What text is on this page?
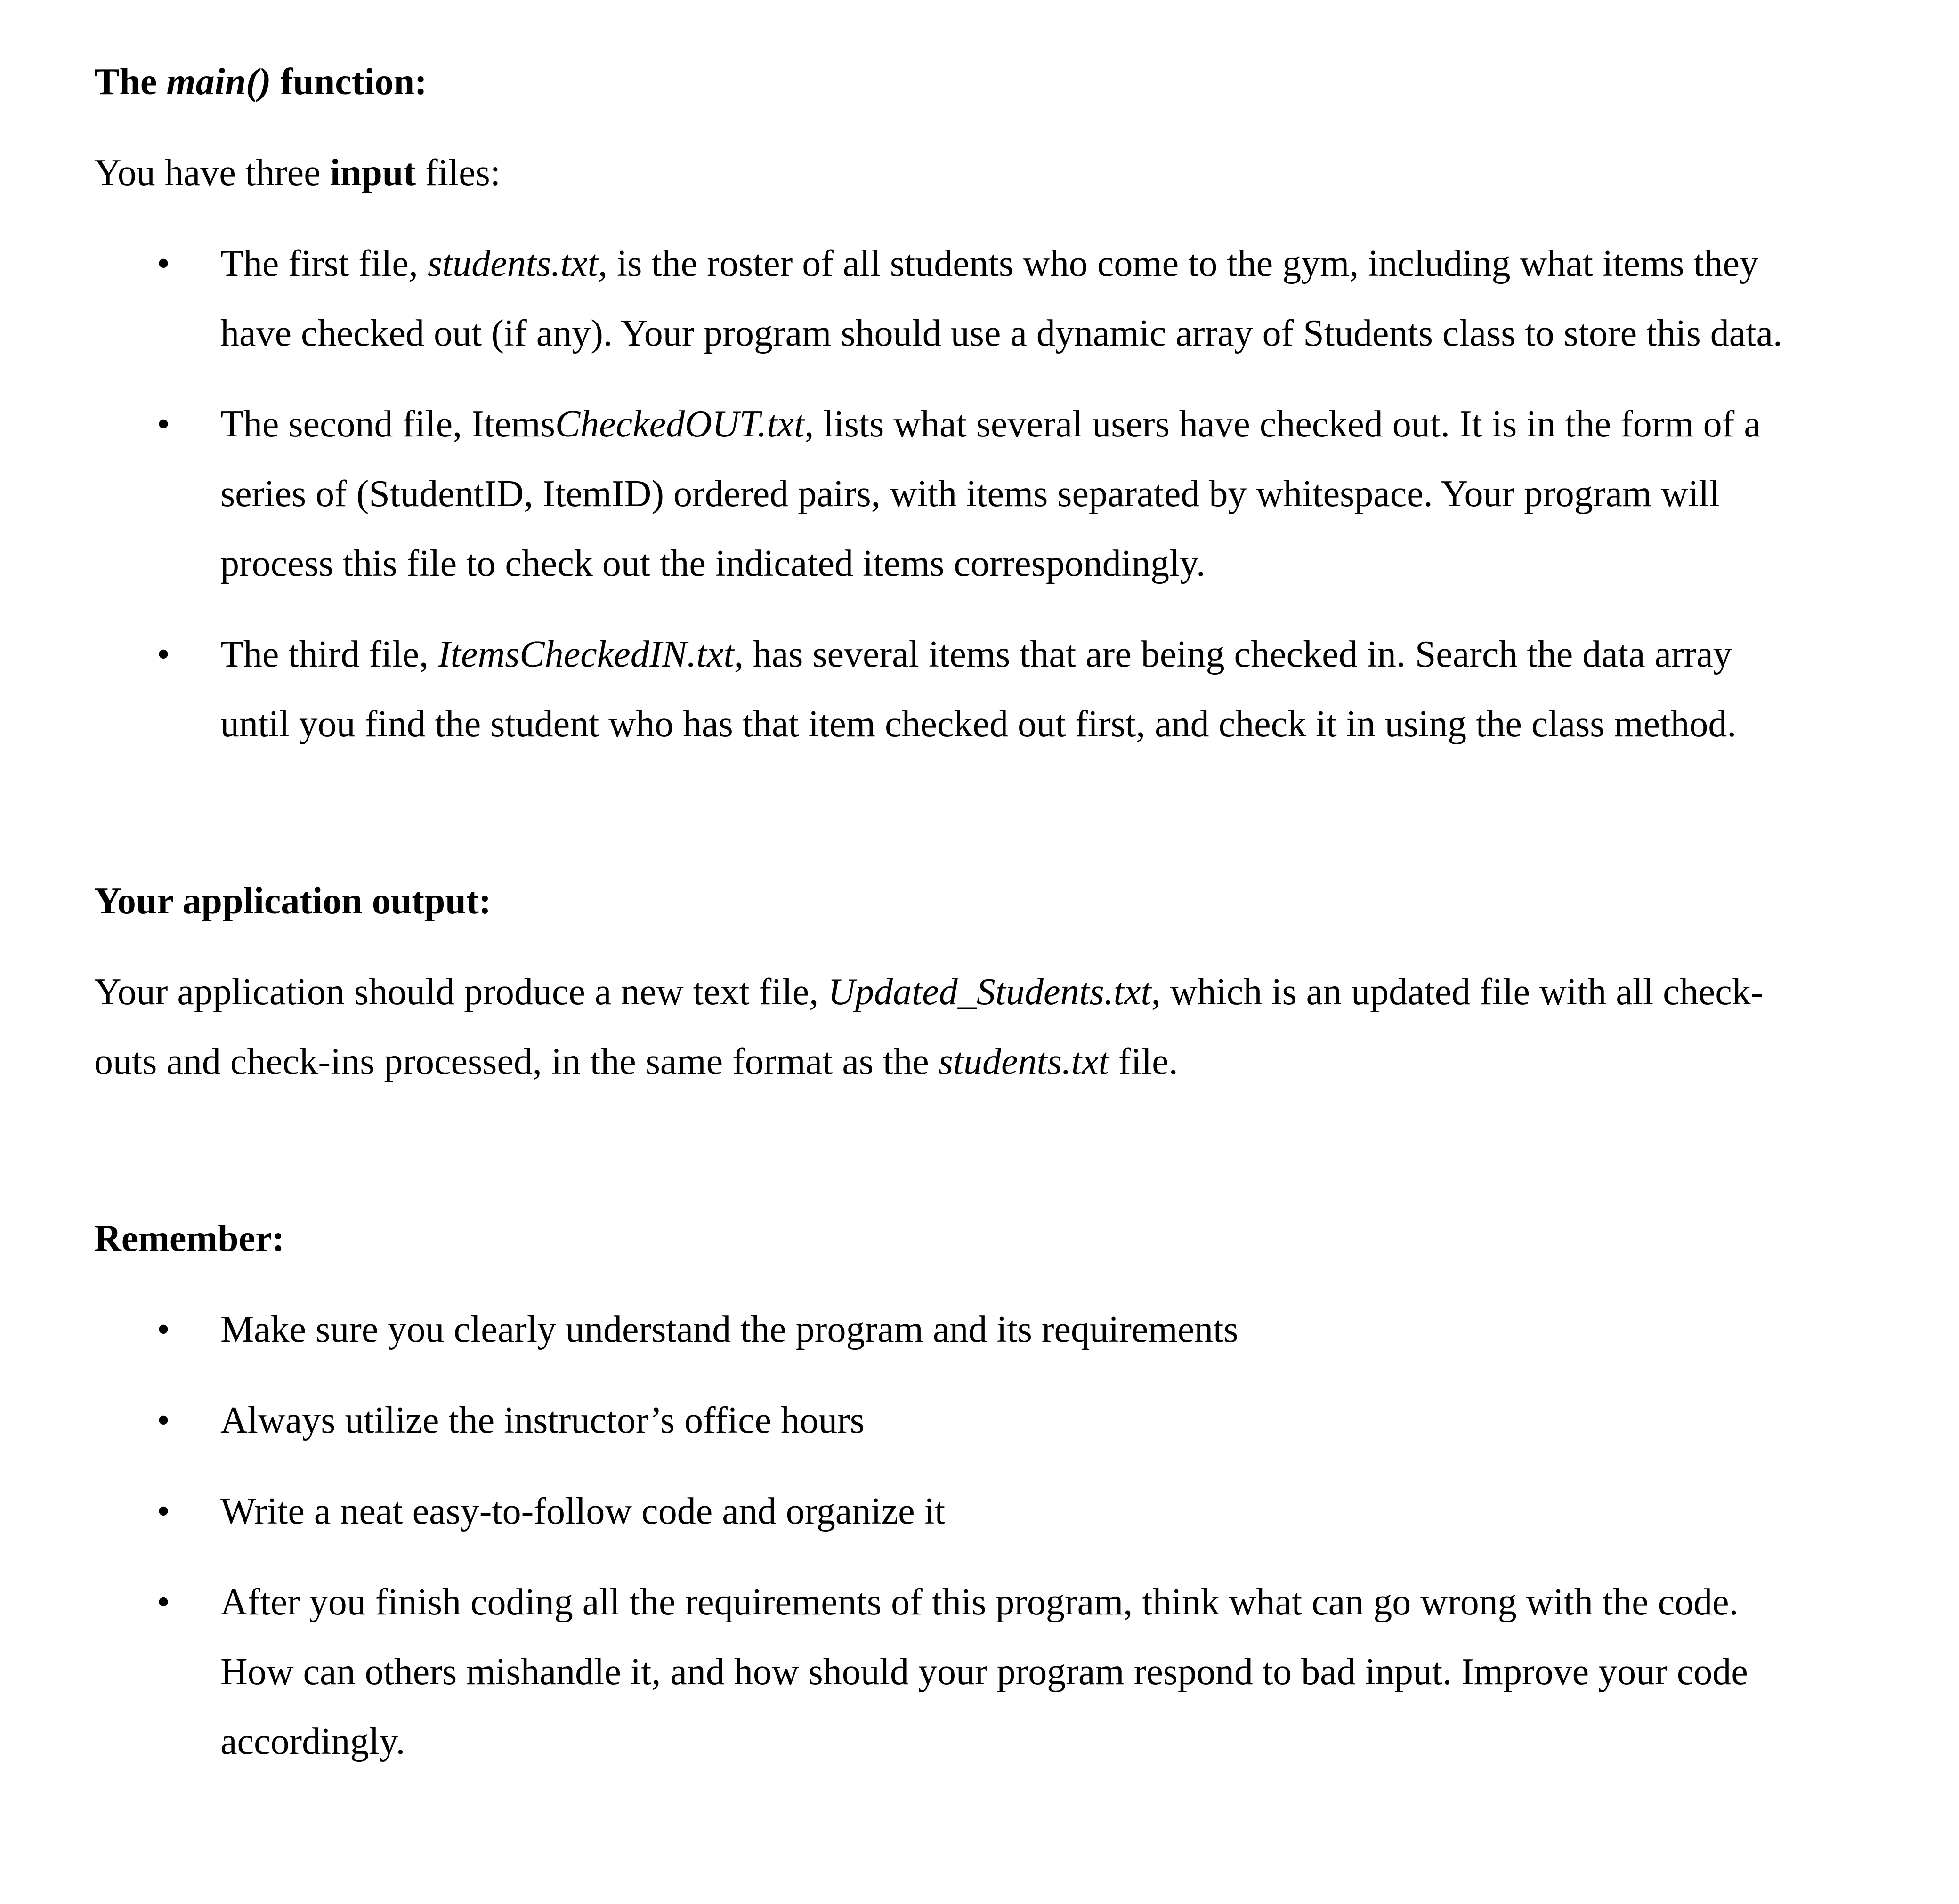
The main() function:

You have three input files:

• The first file, students.txt, is the roster of all students who come to the gym, including what items they
have checked out (if any). Your program should use a dynamic array of Students class to store this data.
• The second file, ItemsCheckedOUT.txt, lists what several users have checked out. It is in the form of a
series of (StudentID, ItemID) ordered pairs, with items separated by whitespace. Your program will
process this file to check out the indicated items correspondingly.
• The third file, ItemsCheckedIN.txt, has several items that are being checked in. Search the data array
until you find the student who has that item checked out first, and check it in using the class method.

Your application output:

Your application should produce a new text file, Updated_Students.txt, which is an updated file with all check-
outs and check-ins processed, in the same format as the students.txt file.

Remember:

• Make sure you clearly understand the program and its requirements
• Always utilize the instructor’s office hours
• Write a neat easy-to-follow code and organize it
• After you finish coding all the requirements of this program, think what can go wrong with the code.
How can others mishandle it, and how should your program respond to bad input. Improve your code
accordingly.
